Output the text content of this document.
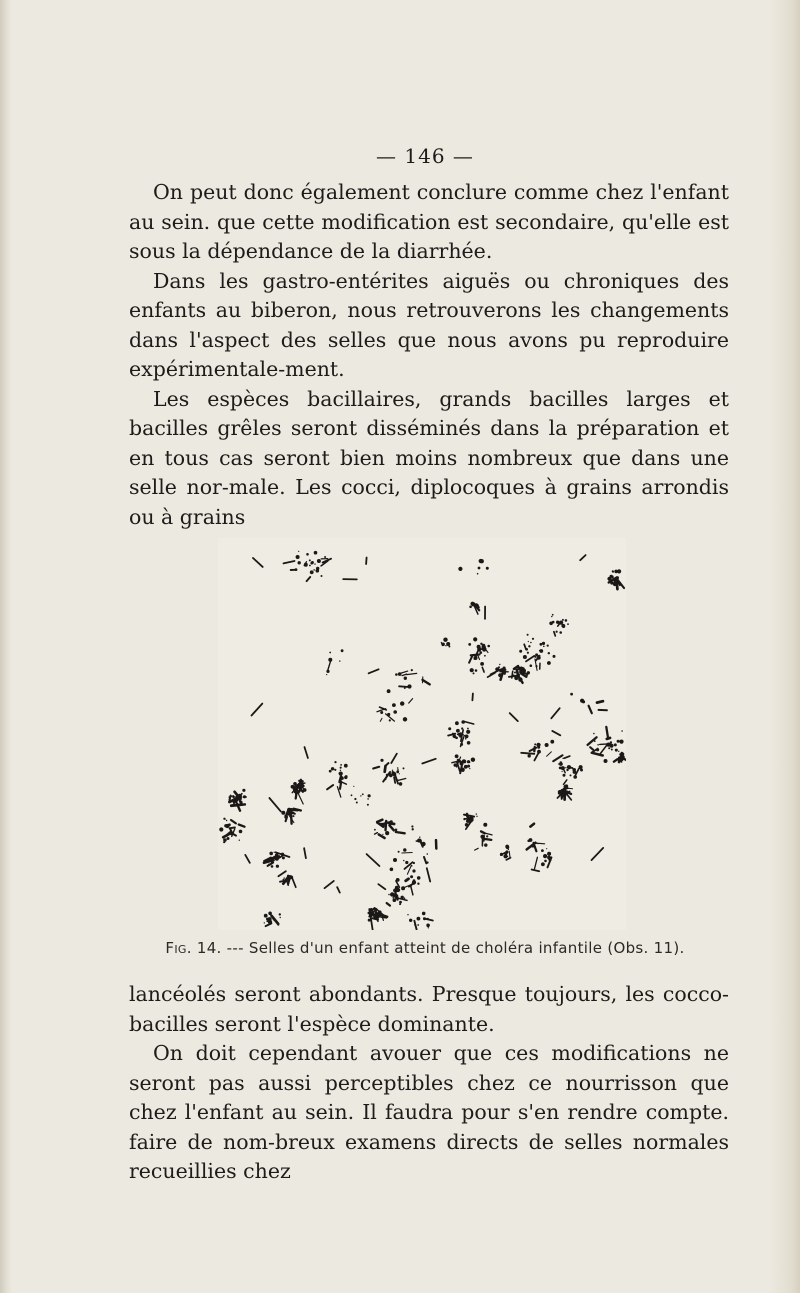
— 146 —

On peut donc également conclure comme chez l'enfant au sein. que cette modification est secondaire, qu'elle est sous la dépendance de la diarrhée.

Dans les gastro-entérites aiguës ou chroniques des enfants au biberon, nous retrouverons les changements dans l'aspect des selles que nous avons pu reproduire expérimentale-ment.

Les espèces bacillaires, grands bacilles larges et bacilles grêles seront disséminés dans la préparation et en tous cas seront bien moins nombreux que dans une selle nor-male. Les cocci, diplocoques à grains arrondis ou à grains

Fig. 14. --- Selles d'un enfant atteint de choléra infantile (Obs. 11).

lancéolés seront abondants. Presque toujours, les cocco-bacilles seront l'espèce dominante.

On doit cependant avouer que ces modifications ne seront pas aussi perceptibles chez ce nourrisson que chez l'enfant au sein. Il faudra pour s'en rendre compte. faire de nom-breux examens directs de selles normales recueillies chez
